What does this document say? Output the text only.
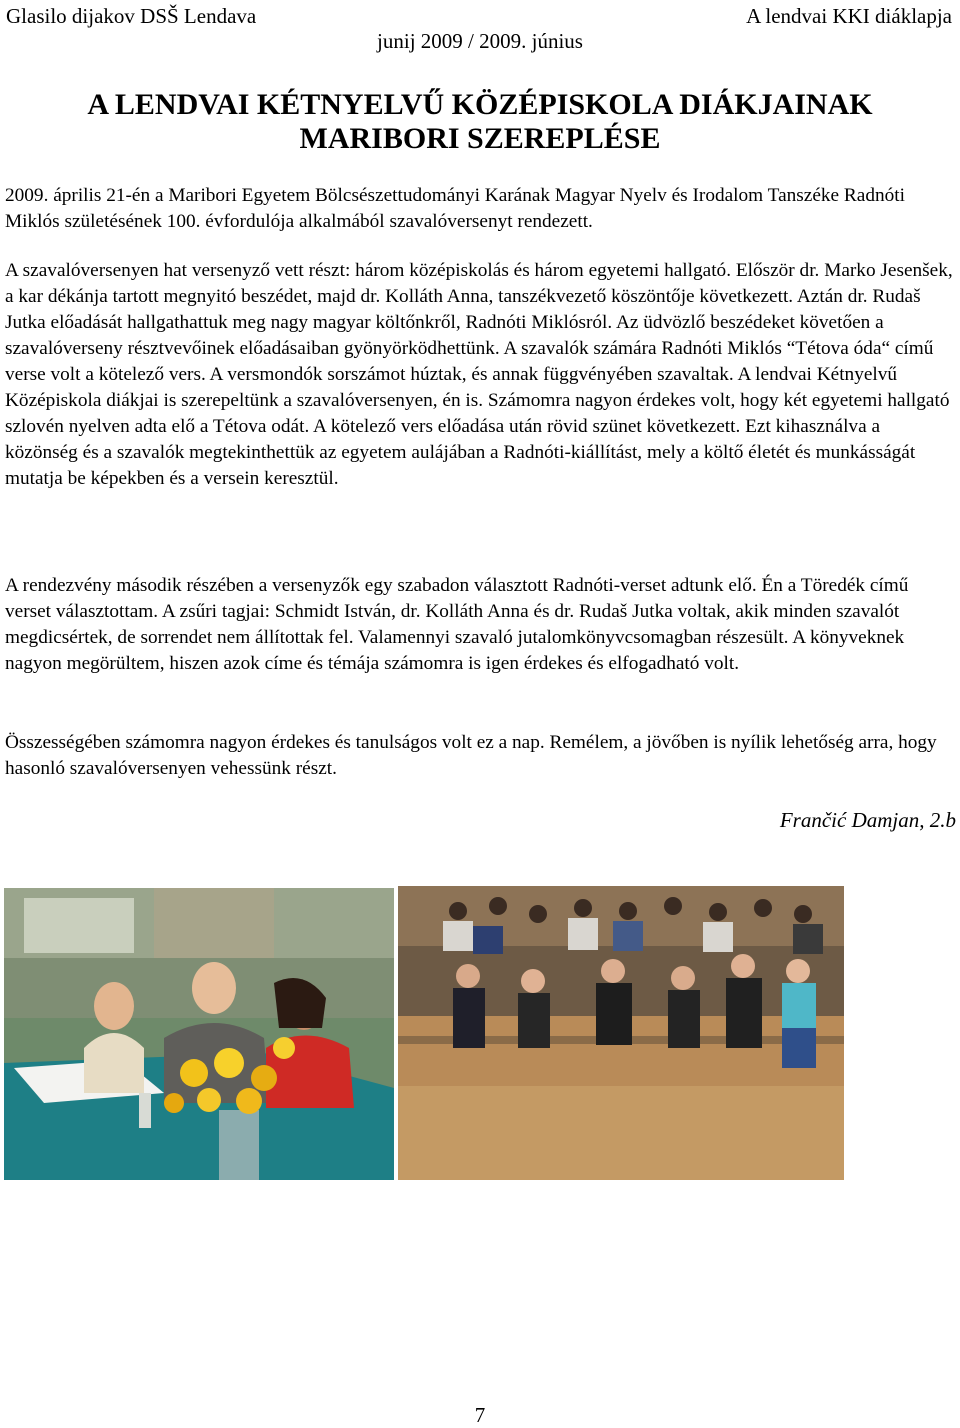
Glasilo dijakov DSŠ Lendava	A lendvai KKI diáklapja
junij 2009 / 2009. június
A LENDVAI KÉTNYELVŰ KÖZÉPISKOLA DIÁKJAINAK
MARIBORI SZEREPLÉSE

2009. április 21-én a Maribori Egyetem Bölcsészettudományi Karának Magyar Nyelv és Irodalom Tanszéke Radnóti Miklós születésének 100. évfordulója alkalmából szavalóversenyt rendezett.

A szavalóversenyen hat versenyző vett részt: három középiskolás és három egyetemi hallgató. Először dr. Marko Jesenšek, a kar dékánja tartott megnyitó beszédet, majd dr. Kolláth Anna, tanszékvezető köszöntője következett. Aztán dr. Rudaš Jutka előadását hallgathattuk meg nagy magyar költőnkről, Radnóti Miklósról. Az üdvözlő beszédeket követően a szavalóverseny résztvevőinek előadásaiban gyönyörködhettünk. A szavalók számára Radnóti Miklós “Tétova óda“ című verse volt a kötelező vers. A versmondók sorszámot húztak, és annak függvényében szavaltak. A lendvai Kétnyelvű Középiskola diákjai is szerepeltünk a szavalóversenyen, én is. Számomra nagyon érdekes volt, hogy két egyetemi hallgató szlovén nyelven adta elő a Tétova odát. A kötelező vers előadása után rövid szünet következett. Ezt kihasználva a közönség és a szavalók megtekinthettük az egyetem aulájában a Radnóti-kiállítást, mely a költő életét és munkásságát mutatja be képekben és a versein keresztül.

A rendezvény második részében a versenyzők egy szabadon választott Radnóti-verset adtunk elő. Én a Töredék című verset választottam. A zsűri tagjai: Schmidt István, dr. Kolláth Anna és dr. Rudaš Jutka voltak, akik minden szavalót megdicsértek, de sorrendet nem állítottak fel. Valamennyi szavaló jutalomkönyvcsomagban részesült. A könyveknek nagyon megörültem, hiszen azok címe és témája számomra is igen érdekes és elfogadható volt.

Összességében számomra nagyon érdekes és tanulságos volt ez a nap. Remélem, a jövőben is nyílik lehetőség arra, hogy hasonló szavalóversenyen vehessünk részt.

Frančić Damjan, 2.b
7
